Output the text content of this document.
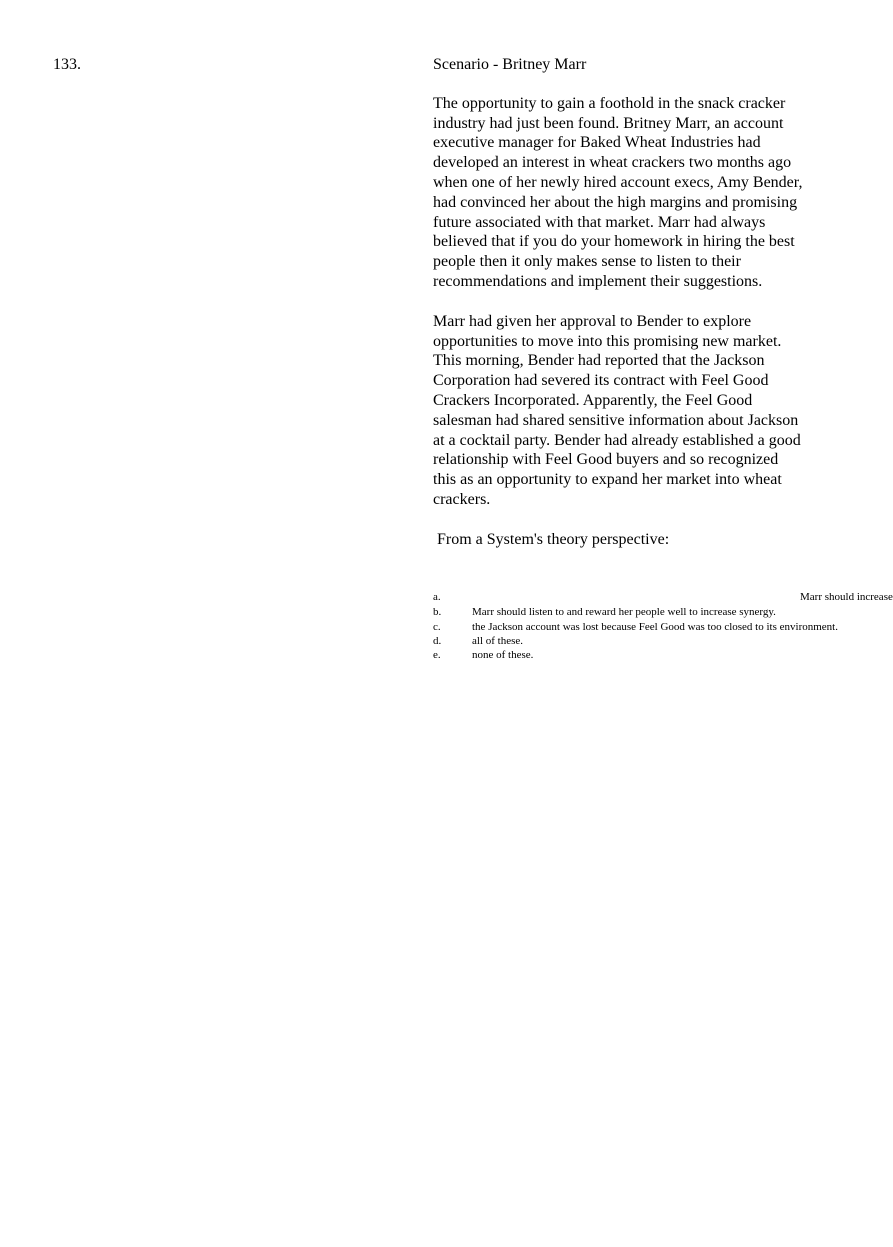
133.	Scenario - Britney Marr
The opportunity to gain a foothold in the snack cracker industry had just been found. Britney Marr, an account executive manager for Baked Wheat Industries had developed an interest in wheat crackers two months ago when one of her newly hired account execs, Amy Bender, had convinced her about the high margins and promising future associated with that market. Marr had always believed that if you do your homework in hiring the best people then it only makes sense to listen to their recommendations and implement their suggestions.
Marr had given her approval to Bender to explore opportunities to move into this promising new market. This morning, Bender had reported that the Jackson Corporation had severed its contract with Feel Good Crackers Incorporated. Apparently, the Feel Good salesman had shared sensitive information about Jackson at a cocktail party. Bender had already established a good relationship with Feel Good buyers and so recognized this as an opportunity to expand her market into wheat crackers.
From a System's theory perspective:
a.	Marr should increase
b.	Marr should listen to and reward her people well to increase synergy.
c.	the Jackson account was lost because Feel Good was too closed to its environment.
d.	all of these.
e.	none of these.
